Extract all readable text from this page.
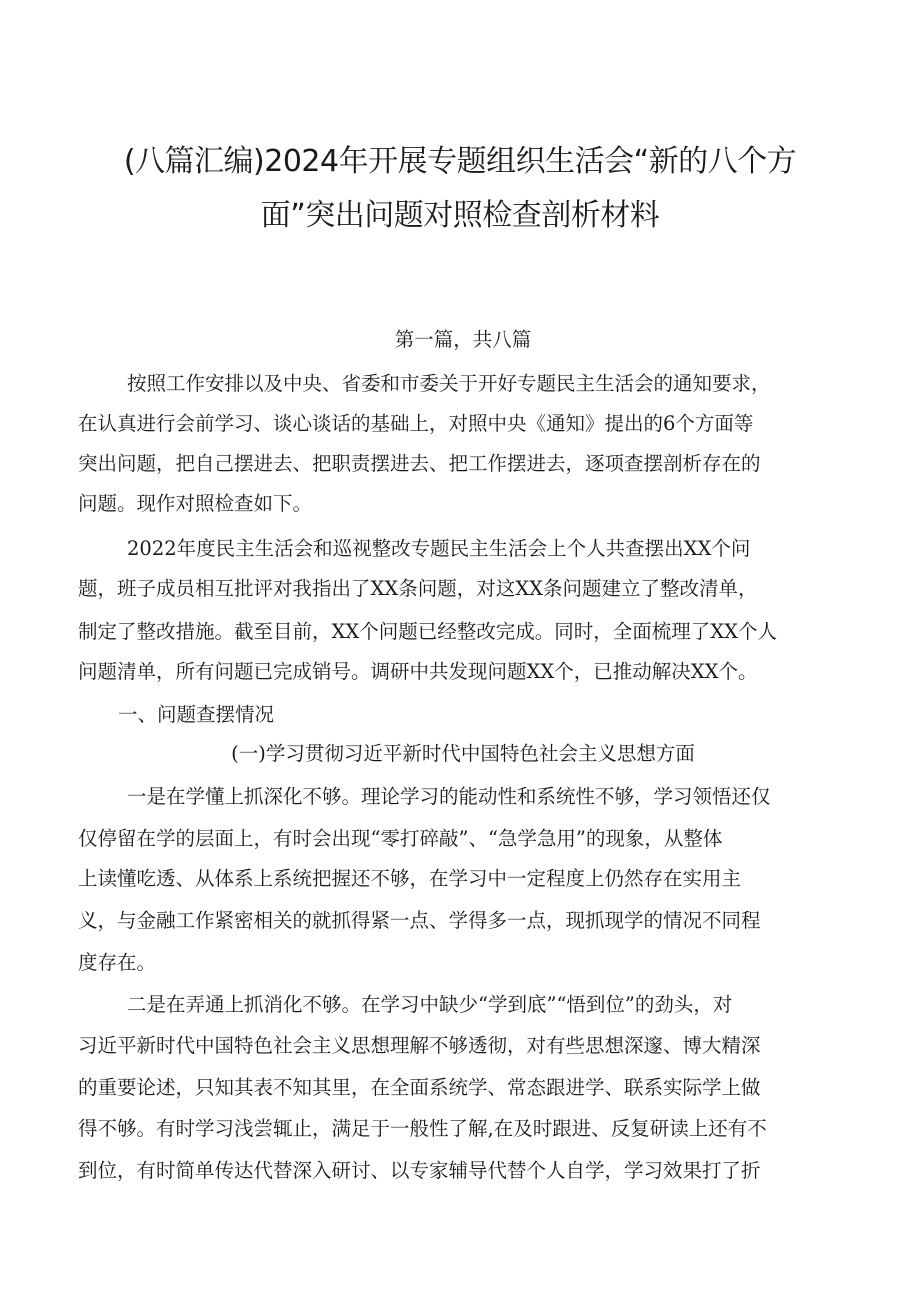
(八篇汇编)2024年开展专题组织生活会“新的八个方
面”突出问题对照检查剖析材料

第一篇，共八篇

按照工作安排以及中央、省委和市委关于开好专题民主生活会的通知要求，

在认真进行会前学习、谈心谈话的基础上，对照中央《通知》提出的6个方面等

突出问题，把自己摆进去、把职责摆进去、把工作摆进去，逐项查摆剖析存在的

问题。现作对照检查如下。

2022年度民主生活会和巡视整改专题民主生活会上个人共查摆出XX个问

题，班子成员相互批评对我指出了XX条问题，对这XX条问题建立了整改清单，

制定了整改措施。截至目前，XX个问题已经整改完成。同时，全面梳理了XX个人

问题清单，所有问题已完成销号。调研中共发现问题XX个，已推动解决XX个。

一、问题查摆情况

(一)学习贯彻习近平新时代中国特色社会主义思想方面

一是在学懂上抓深化不够。理论学习的能动性和系统性不够，学习领悟还仅

仅停留在学的层面上，有时会出现“零打碎敲”、“急学急用”的现象，从整体

上读懂吃透、从体系上系统把握还不够，在学习中一定程度上仍然存在实用主

义，与金融工作紧密相关的就抓得紧一点、学得多一点，现抓现学的情况不同程

度存在。

二是在弄通上抓消化不够。在学习中缺少“学到底”“悟到位”的劲头，对

习近平新时代中国特色社会主义思想理解不够透彻，对有些思想深邃、博大精深

的重要论述，只知其表不知其里，在全面系统学、常态跟进学、联系实际学上做

得不够。有时学习浅尝辄止，满足于一般性了解,在及时跟进、反复研读上还有不

到位，有时简单传达代替深入研讨、以专家辅导代替个人自学，学习效果打了折
